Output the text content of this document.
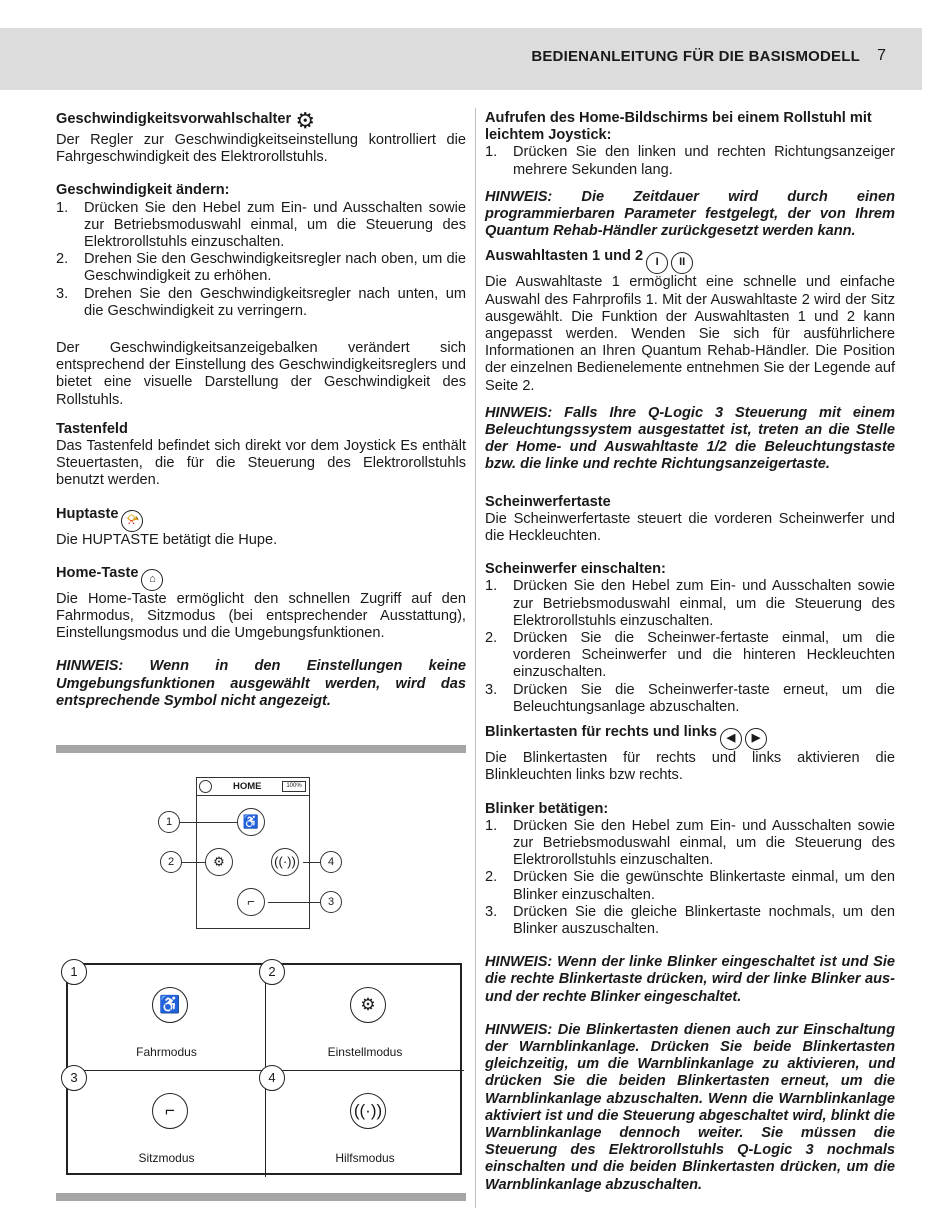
BEDIENANLEITUNG FÜR DIE BASISMODELL 7

Geschwindigkeitsvorwahlschalter ⚙

Der Regler zur Geschwindigkeitseinstellung kontrolliert die Fahrgeschwindigkeit des Elektrorollstuhls.

Geschwindigkeit ändern:

1.	Drücken Sie den Hebel zum Ein- und Ausschalten sowie zur Betriebsmoduswahl einmal, um die Steuerung des Elektrorollstuhls einzuschalten.
2.	Drehen Sie den Geschwindigkeitsregler nach oben, um die Geschwindigkeit zu erhöhen.
3.	Drehen Sie den Geschwindigkeitsregler nach unten, um die Geschwindigkeit zu verringern.

Der Geschwindigkeitsanzeigebalken verändert sich entsprechend der Einstellung des Geschwindigkeitsreglers und bietet eine visuelle Darstellung der Geschwindigkeit des Rollstuhls.

Tastenfeld

Das Tastenfeld befindet sich direkt vor dem Joystick Es enthält Steuertasten, die für die Steuerung des Elektrorollstuhls benutzt werden.

Huptaste 📯

Die HUPTASTE betätigt die Hupe.

Home-Taste ⌂

Die Home-Taste ermöglicht den schnellen Zugriff auf den Fahrmodus, Sitzmodus (bei entsprechender Ausstattung), Einstellungsmodus und die Umgebungsfunktionen.

HINWEIS: Wenn in den Einstellungen keine Umgebungsfunktionen ausgewählt werden, wird das entsprechende Symbol nicht angezeigt.

HOME	100%
♿
⚙	((·))
⌐
1
2
3
4
♿
Fahrmodus
⚙
Einstellmodus
⌐
Sitzmodus
((·))
Hilfsmodus
1	2
3	4

Aufrufen des Home-Bildschirms bei einem Rollstuhl mit leichtem Joystick:

1.	Drücken Sie den linken und rechten Richtungsanzeiger mehrere Sekunden lang.

HINWEIS: Die Zeitdauer wird durch einen programmierbaren Parameter festgelegt, der von Ihrem Quantum Rehab-Händler zurückgesetzt werden kann.

Auswahltasten 1 und 2 I II

Die Auswahltaste 1 ermöglicht eine schnelle und einfache Auswahl des Fahrprofils 1. Mit der Auswahltaste 2 wird der Sitz ausgewählt. Die Funktion der Auswahltasten 1 und 2 kann angepasst werden. Wenden Sie sich für ausführlichere Informationen an Ihren Quantum Rehab-Händler. Die Position der einzelnen Bedienelemente entnehmen Sie der Legende auf Seite 2.

HINWEIS: Falls Ihre Q-Logic 3 Steuerung mit einem Beleuchtungssystem ausgestattet ist, treten an die Stelle der Home- und Auswahltaste 1/2 die Beleuchtungstaste bzw. die linke und rechte Richtungsanzeigertaste.

Scheinwerfertaste

Die Scheinwerfertaste steuert die vorderen Scheinwerfer und die Heckleuchten.

Scheinwerfer einschalten:

1.	Drücken Sie den Hebel zum Ein- und Ausschalten sowie zur Betriebsmoduswahl einmal, um die Steuerung des Elektrorollstuhls einzuschalten.
2.	Drücken Sie die Scheinwer-fertaste einmal, um die vorderen Scheinwerfer und die hinteren Heckleuchten einzuschalten.
3.	Drücken Sie die Scheinwerfer-taste erneut, um die Beleuchtungsanlage abzuschalten.

Blinkertasten für rechts und links ◀ ▶

Die Blinkertasten für rechts und links aktivieren die Blinkleuchten links bzw rechts.

Blinker betätigen:

1.	Drücken Sie den Hebel zum Ein- und Ausschalten sowie zur Betriebsmoduswahl einmal, um die Steuerung des Elektrorollstuhls einzuschalten.
2.	Drücken Sie die gewünschte Blinkertaste einmal, um den Blinker einzuschalten.
3.	Drücken Sie die gleiche Blinkertaste nochmals, um den Blinker auszuschalten.

HINWEIS: Wenn der linke Blinker eingeschaltet ist und Sie die rechte Blinkertaste drücken, wird der linke Blinker aus- und der rechte Blinker eingeschaltet.

HINWEIS: Die Blinkertasten dienen auch zur Einschaltung der Warnblinkanlage. Drücken Sie beide Blinkertasten gleichzeitig, um die Warnblinkanlage zu aktivieren, und drücken Sie die beiden Blinkertasten erneut, um die Warnblinkanlage abzuschalten. Wenn die Warnblinkanlage aktiviert ist und die Steuerung abgeschaltet wird, blinkt die Warnblinkanlage dennoch weiter. Sie müssen die Steuerung des Elektrorollstuhls Q-Logic 3 nochmals einschalten und die beiden Blinkertasten drücken, um die Warnblinkanlage abzuschalten.
